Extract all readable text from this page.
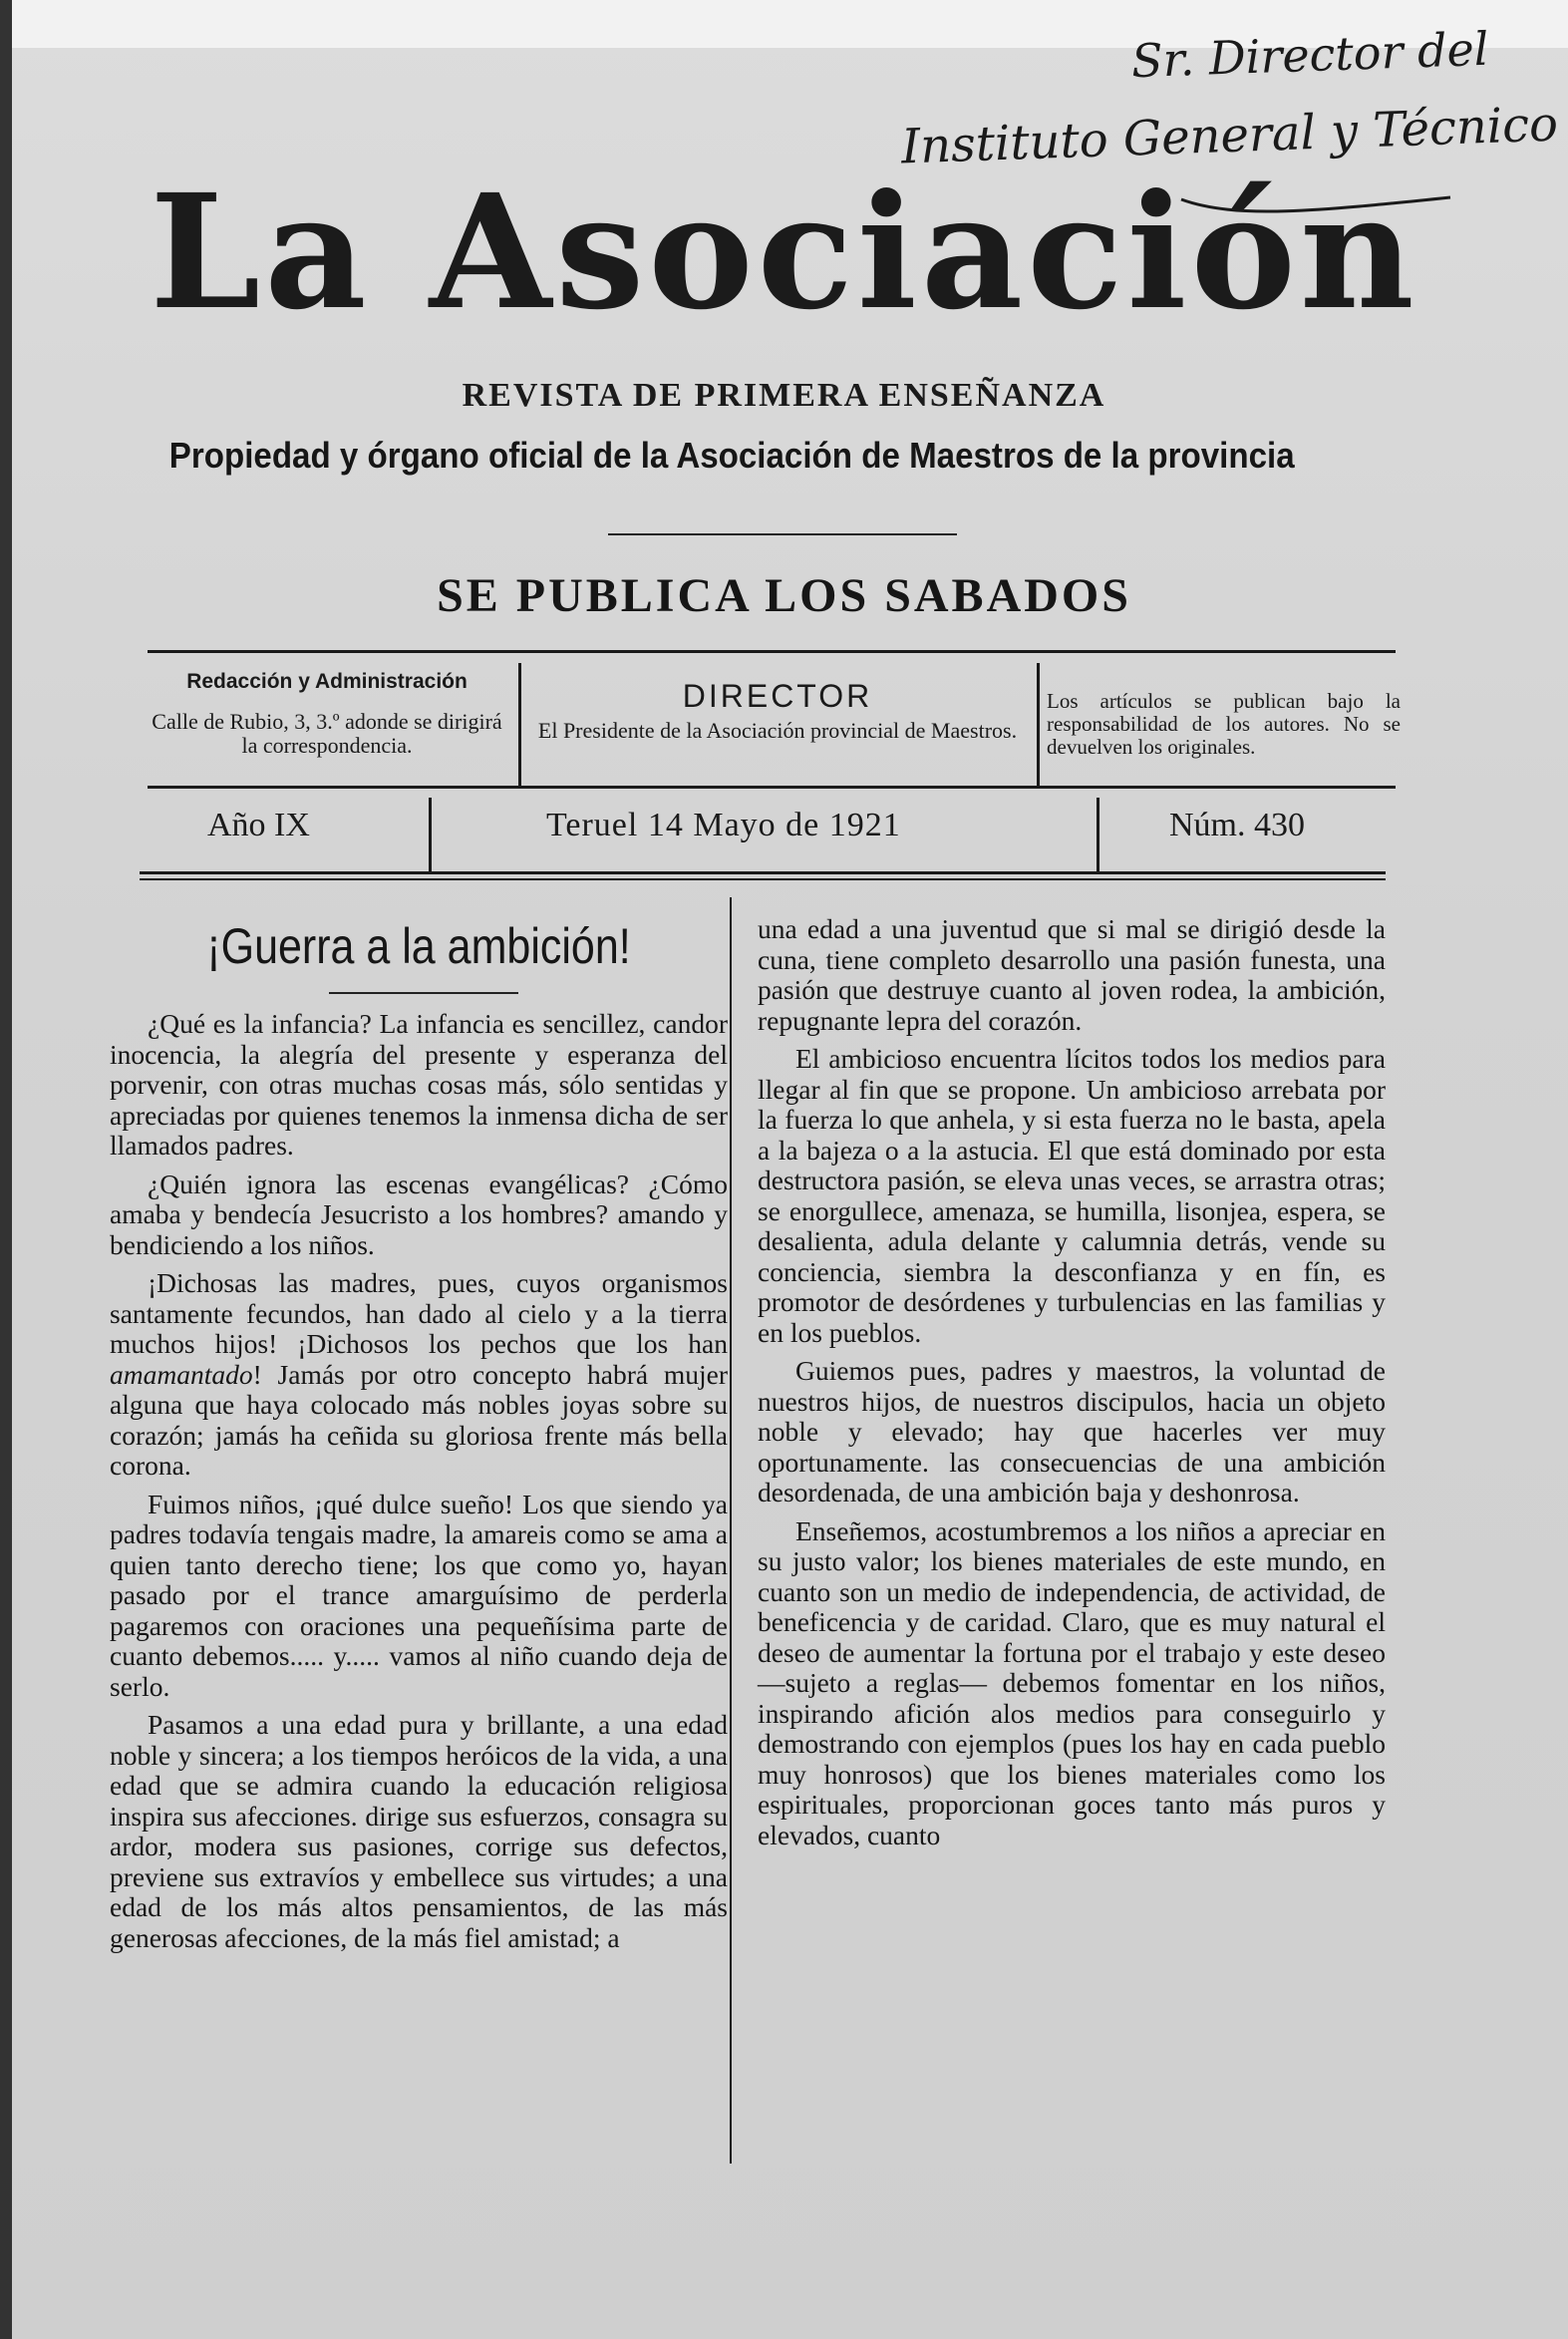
Sr. Director del
Instituto General y Técnico
La Asociación
REVISTA DE PRIMERA ENSEÑANZA
Propiedad y órgano oficial de la Asociación de Maestros de la provincia
SE PUBLICA LOS SABADOS
Redacción y Administración
Calle de Rubio, 3, 3.º adonde se dirigirá la correspondencia.
DIRECTOR
El Presidente de la Asociación provincial de Maestros.
Los artículos se publican bajo la responsabilidad de los autores. No se devuelven los originales.
Año IX	Teruel 14 Mayo de 1921	Núm. 430
¡Guerra a la ambición!

¿Qué es la infancia? La infancia es sencillez, candor inocencia, la alegría del presente y esperanza del porvenir, con otras muchas cosas más, sólo sentidas y apreciadas por quienes tenemos la inmensa dicha de ser llamados padres.

¿Quién ignora las escenas evangélicas? ¿Cómo amaba y bendecía Jesucristo a los hombres? amando y bendiciendo a los niños.

¡Dichosas las madres, pues, cuyos organismos santamente fecundos, han dado al cielo y a la tierra muchos hijos! ¡Dichosos los pechos que los han amamantado! Jamás por otro concepto habrá mujer alguna que haya colocado más nobles joyas sobre su corazón; jamás ha ceñida su gloriosa frente más bella corona.

Fuimos niños, ¡qué dulce sueño! Los que siendo ya padres todavía tengais madre, la amareis como se ama a quien tanto derecho tiene; los que como yo, hayan pasado por el trance amarguísimo de perderla pagaremos con oraciones una pequeñísima parte de cuanto debemos..... y..... vamos al niño cuando deja de serlo.

Pasamos a una edad pura y brillante, a una edad noble y sincera; a los tiempos heróicos de la vida, a una edad que se admira cuando la educación religiosa inspira sus afecciones. dirige sus esfuerzos, consagra su ardor, modera sus pasiones, corrige sus defectos, previene sus extravíos y embellece sus virtudes; a una edad de los más altos pensamientos, de las más generosas afecciones, de la más fiel amistad; a

una edad a una juventud que si mal se dirigió desde la cuna, tiene completo desarrollo una pasión funesta, una pasión que destruye cuanto al joven rodea, la ambición, repugnante lepra del corazón.

El ambicioso encuentra lícitos todos los medios para llegar al fin que se propone. Un ambicioso arrebata por la fuerza lo que anhela, y si esta fuerza no le basta, apela a la bajeza o a la astucia. El que está dominado por esta destructora pasión, se eleva unas veces, se arrastra otras; se enorgullece, amenaza, se humilla, lisonjea, espera, se desalienta, adula delante y calumnia detrás, vende su conciencia, siembra la desconfianza y en fín, es promotor de desórdenes y turbulencias en las familias y en los pueblos.

Guiemos pues, padres y maestros, la voluntad de nuestros hijos, de nuestros discipulos, hacia un objeto noble y elevado; hay que hacerles ver muy oportunamente. las consecuencias de una ambición desordenada, de una ambición baja y deshonrosa.

Enseñemos, acostumbremos a los niños a apreciar en su justo valor; los bienes materiales de este mundo, en cuanto son un medio de independencia, de actividad, de beneficencia y de caridad. Claro, que es muy natural el deseo de aumentar la fortuna por el trabajo y este deseo —sujeto a reglas— debemos fomentar en los niños, inspirando afición alos medios para conseguirlo y demostrando con ejemplos (pues los hay en cada pueblo muy honrosos) que los bienes materiales como los espirituales, proporcionan goces tanto más puros y elevados, cuanto
